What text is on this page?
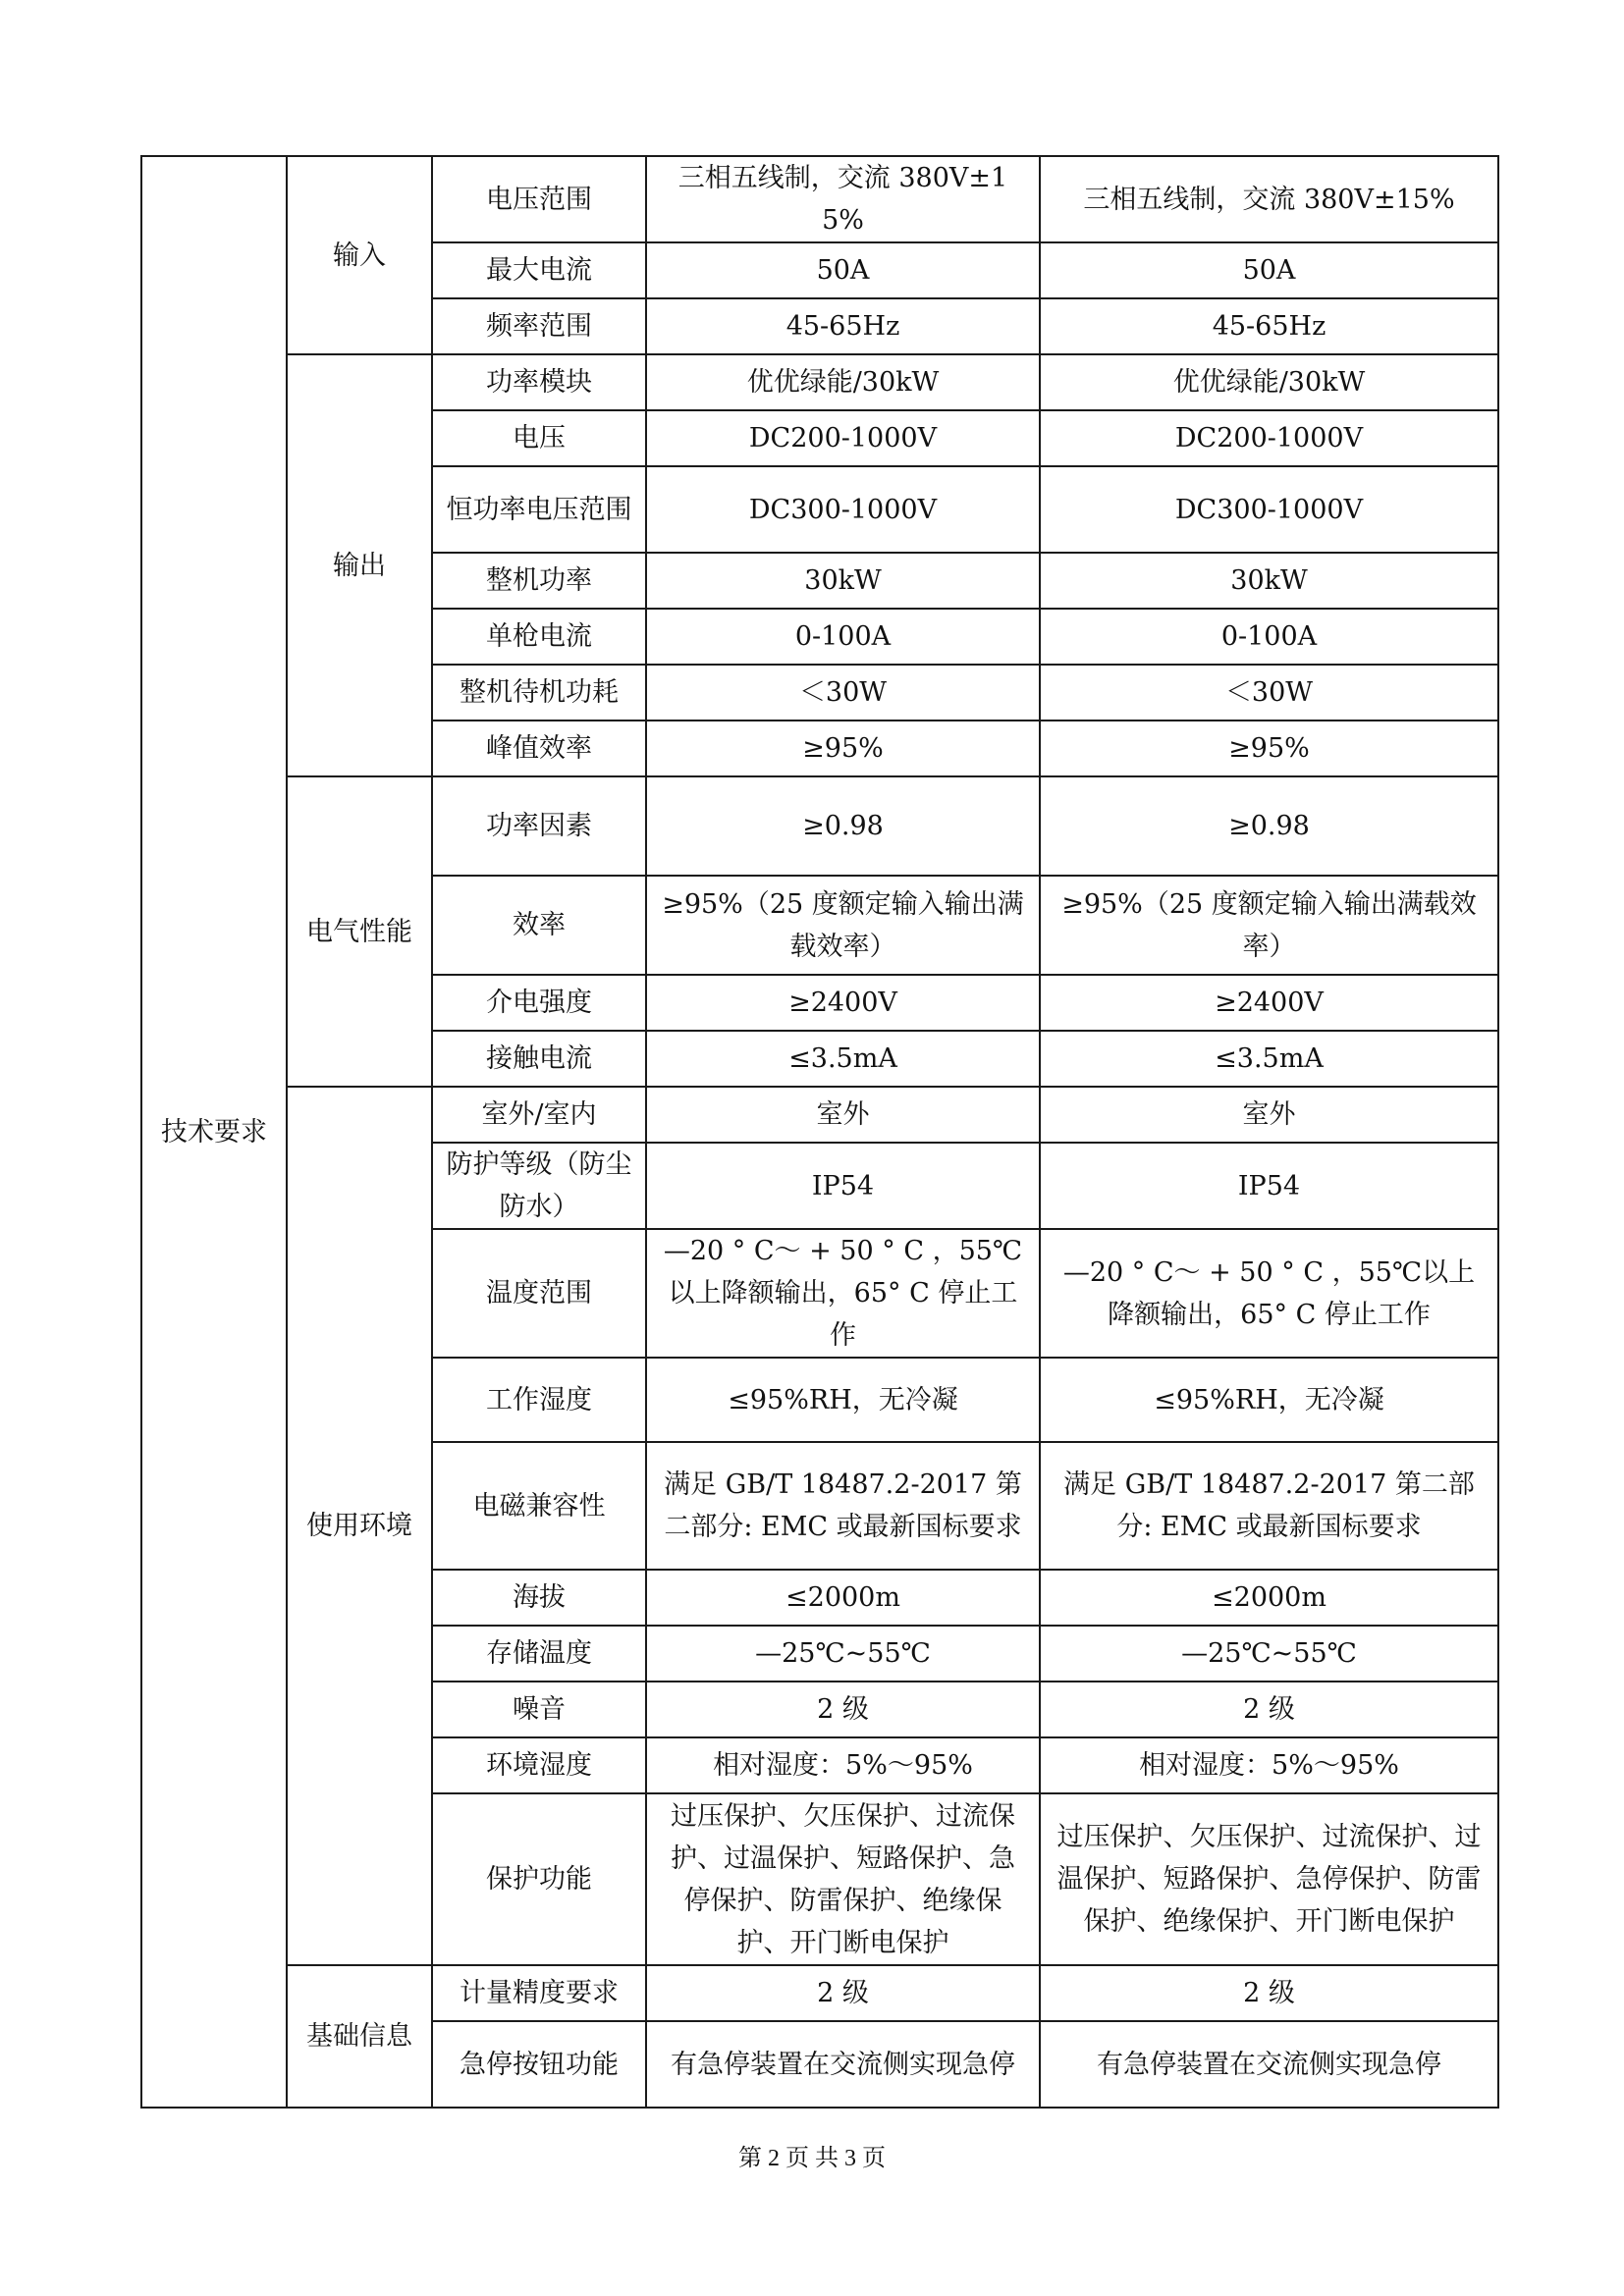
技术要求	输入	电压范围	三相五线制，交流 380V±15%	三相五线制，交流 380V±15%
		最大电流	50A	50A
		频率范围	45-65Hz	45-65Hz
	输出	功率模块	优优绿能/30kW	优优绿能/30kW
		电压	DC200-1000V	DC200-1000V
		恒功率电压范围	DC300-1000V	DC300-1000V
		整机功率	30kW	30kW
		单枪电流	0-100A	0-100A
		整机待机功耗	＜30W	＜30W
		峰值效率	≥95%	≥95%
	电气性能	功率因素	≥0.98	≥0.98
		效率	≥95%（25 度额定输入输出满载效率）	≥95%（25 度额定输入输出满载效率）
		介电强度	≥2400V	≥2400V
		接触电流	≤3.5mA	≤3.5mA
	使用环境	室外/室内	室外	室外
		防护等级（防尘防水）	IP54	IP54
		温度范围	—20 ° C～ + 50 ° C ，55℃以上降额输出，65° C 停止工作	—20 ° C～ + 50 ° C ，55℃以上降额输出，65° C 停止工作
		工作湿度	≤95%RH，无冷凝	≤95%RH，无冷凝
		电磁兼容性	满足 GB/T 18487.2-2017 第二部分: EMC 或最新国标要求	满足 GB/T 18487.2-2017 第二部分: EMC 或最新国标要求
		海拔	≤2000m	≤2000m
		存储温度	—25℃~55℃	—25℃~55℃
		噪音	2 级	2 级
		环境湿度	相对湿度：5%～95%	相对湿度：5%～95%
		保护功能	过压保护、欠压保护、过流保护、过温保护、短路保护、急停保护、防雷保护、绝缘保护、开门断电保护	过压保护、欠压保护、过流保护、过温保护、短路保护、急停保护、防雷保护、绝缘保护、开门断电保护
	基础信息	计量精度要求	2 级	2 级
		急停按钮功能	有急停装置在交流侧实现急停	有急停装置在交流侧实现急停
第 2 页 共 3 页
